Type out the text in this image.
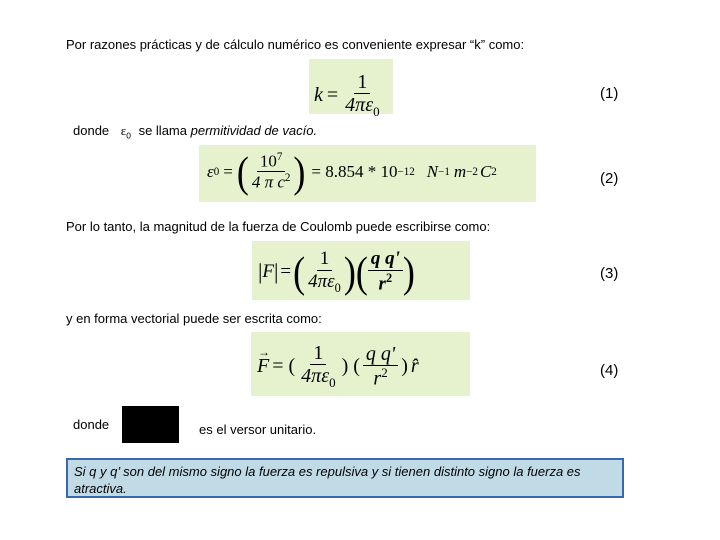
Por razones prácticas y de cálculo numérico es conveniente expresar “k” como:
$k = \frac{1}{4\pi\varepsilon_0}$	(1)
donde $\varepsilon_0$ se llama permitividad de vacío.
ε 0 = ( $\frac{10^7}{4 \pi c^2}$ ) = 8.854 * 10 −12 N −1 m −2 C 2	(2)
Por lo tanto, la magnitud de la fuerza de Coulomb puede escribirse como:
| F | = ( $\frac{1}{4\pi\varepsilon_0}$ ) ( $\frac{\text{q q'}}{r^2}$ )	(3)
y en forma vectorial puede ser escrita como:
→
F = ( $\frac{1}{4\pi\varepsilon_0}$ ) ( $\frac{\text{q q'}}{r^2}$ ) r̂	(4)
donde	es el versor unitario.
Si q y q’ son del mismo signo la fuerza es repulsiva y si tienen distinto signo la fuerza es atractiva.
